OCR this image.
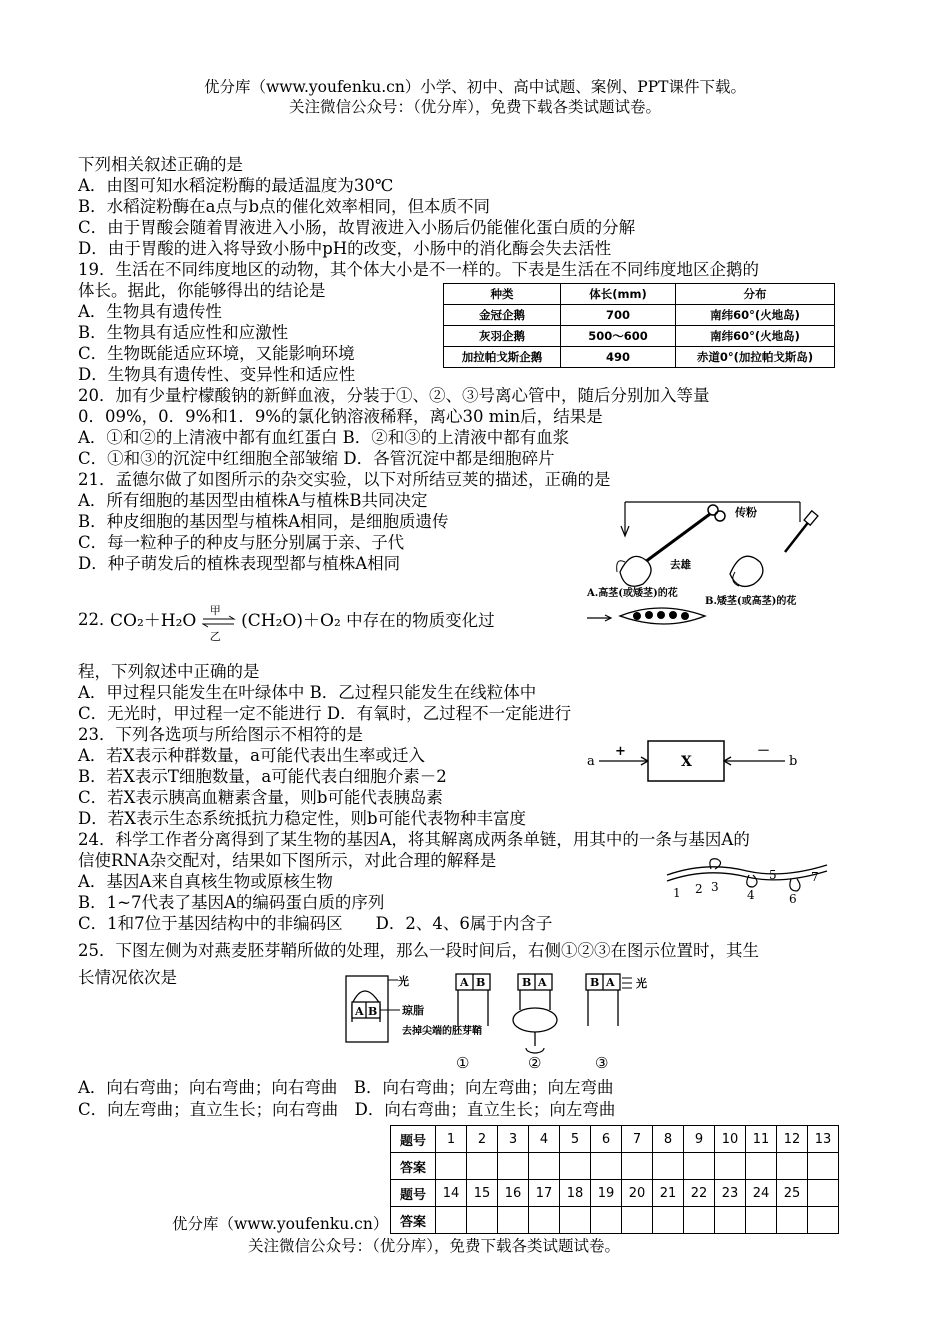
优分库（www.youfenku.cn）小学、初中、高中试题、案例、PPT课件下载。
关注微信公众号：（优分库），免费下载各类试题试卷。
下列相关叙述正确的是
A．由图可知水稻淀粉酶的最适温度为30℃
B．水稻淀粉酶在a点与b点的催化效率相同，但本质不同
C．由于胃酸会随着胃液进入小肠，故胃液进入小肠后仍能催化蛋白质的分解
D．由于胃酸的进入将导致小肠中pH的改变，小肠中的消化酶会失去活性
19．生活在不同纬度地区的动物，其个体大小是不一样的。下表是生活在不同纬度地区企鹅的
体长。据此，你能够得出的结论是
A．生物具有遗传性
B．生物具有适应性和应激性
C．生物既能适应环境，又能影响环境
D．生物具有遗传性、变异性和适应性
20．加有少量柠檬酸钠的新鲜血液，分装于①、②、③号离心管中，随后分别加入等量
0．09%，0．9%和1．9%的氯化钠溶液稀释，离心30 min后，结果是
A．①和②的上清液中都有血红蛋白 B．②和③的上清液中都有血浆
C．①和③的沉淀中红细胞全部皱缩 D．各管沉淀中都是细胞碎片
21．孟德尔做了如图所示的杂交实验，以下对所结豆荚的描述，正确的是
A．所有细胞的基因型由植株A与植株B共同决定
B．种皮细胞的基因型与植株A相同，是细胞质遗传
C．每一粒种子的种皮与胚分别属于亲、子代
D．种子萌发后的植株表现型都与植株A相同
22．
CO₂＋H₂O
甲
乙
(CH₂O)＋O₂ 中存在的物质变化过
程，下列叙述中正确的是
A．甲过程只能发生在叶绿体中 B．乙过程只能发生在线粒体中
C．无光时，甲过程一定不能进行 D．有氧时，乙过程不一定能进行
23．下列各选项与所给图示不相符的是
A．若X表示种群数量，a可能代表出生率或迁入
B．若X表示T细胞数量，a可能代表白细胞介素－2
C．若X表示胰高血糖素含量，则b可能代表胰岛素
D．若X表示生态系统抵抗力稳定性，则b可能代表物种丰富度
24．科学工作者分离得到了某生物的基因A，将其解离成两条单链，用其中的一条与基因A的
信使RNA杂交配对，结果如下图所示，对此合理的解释是
A．基因A来自真核生物或原核生物
B．1~7代表了基因A的编码蛋白质的序列
C．1和7位于基因结构中的非编码区　　D．2、4、6属于内含子
25．下图左侧为对燕麦胚芽鞘所做的处理，那么一段时间后，右侧①②③在图示位置时，其生
长情况依次是
A．向右弯曲；向右弯曲；向右弯曲　B．向右弯曲；向左弯曲；向左弯曲
C．向左弯曲；直立生长；向右弯曲　D．向右弯曲；直立生长；向左弯曲
种类	体长(mm)	分布
金冠企鹅	700	南纬60°(火地岛)
灰羽企鹅	500～600	南纬60°(火地岛)
加拉帕戈斯企鹅	490	赤道0°(加拉帕戈斯岛)
传粉
去雄
A.高茎(或矮茎)的花
B.矮茎(或高茎)的花
a
+
X
－
b
1 2 3
4
5
6
7
A B
光
琼脂
去掉尖端的胚芽鞘
A B	B A	B A 光
①	②	③
优分库（www.youfenku.cn）
关注微信公众号：（优分库），免费下载各类试题试卷。
题号	1	2	3	4	5	6	7	8	9	10	11	12	13
答案													
题号	14	15	16	17	18	19	20	21	22	23	24	25	
答案													
